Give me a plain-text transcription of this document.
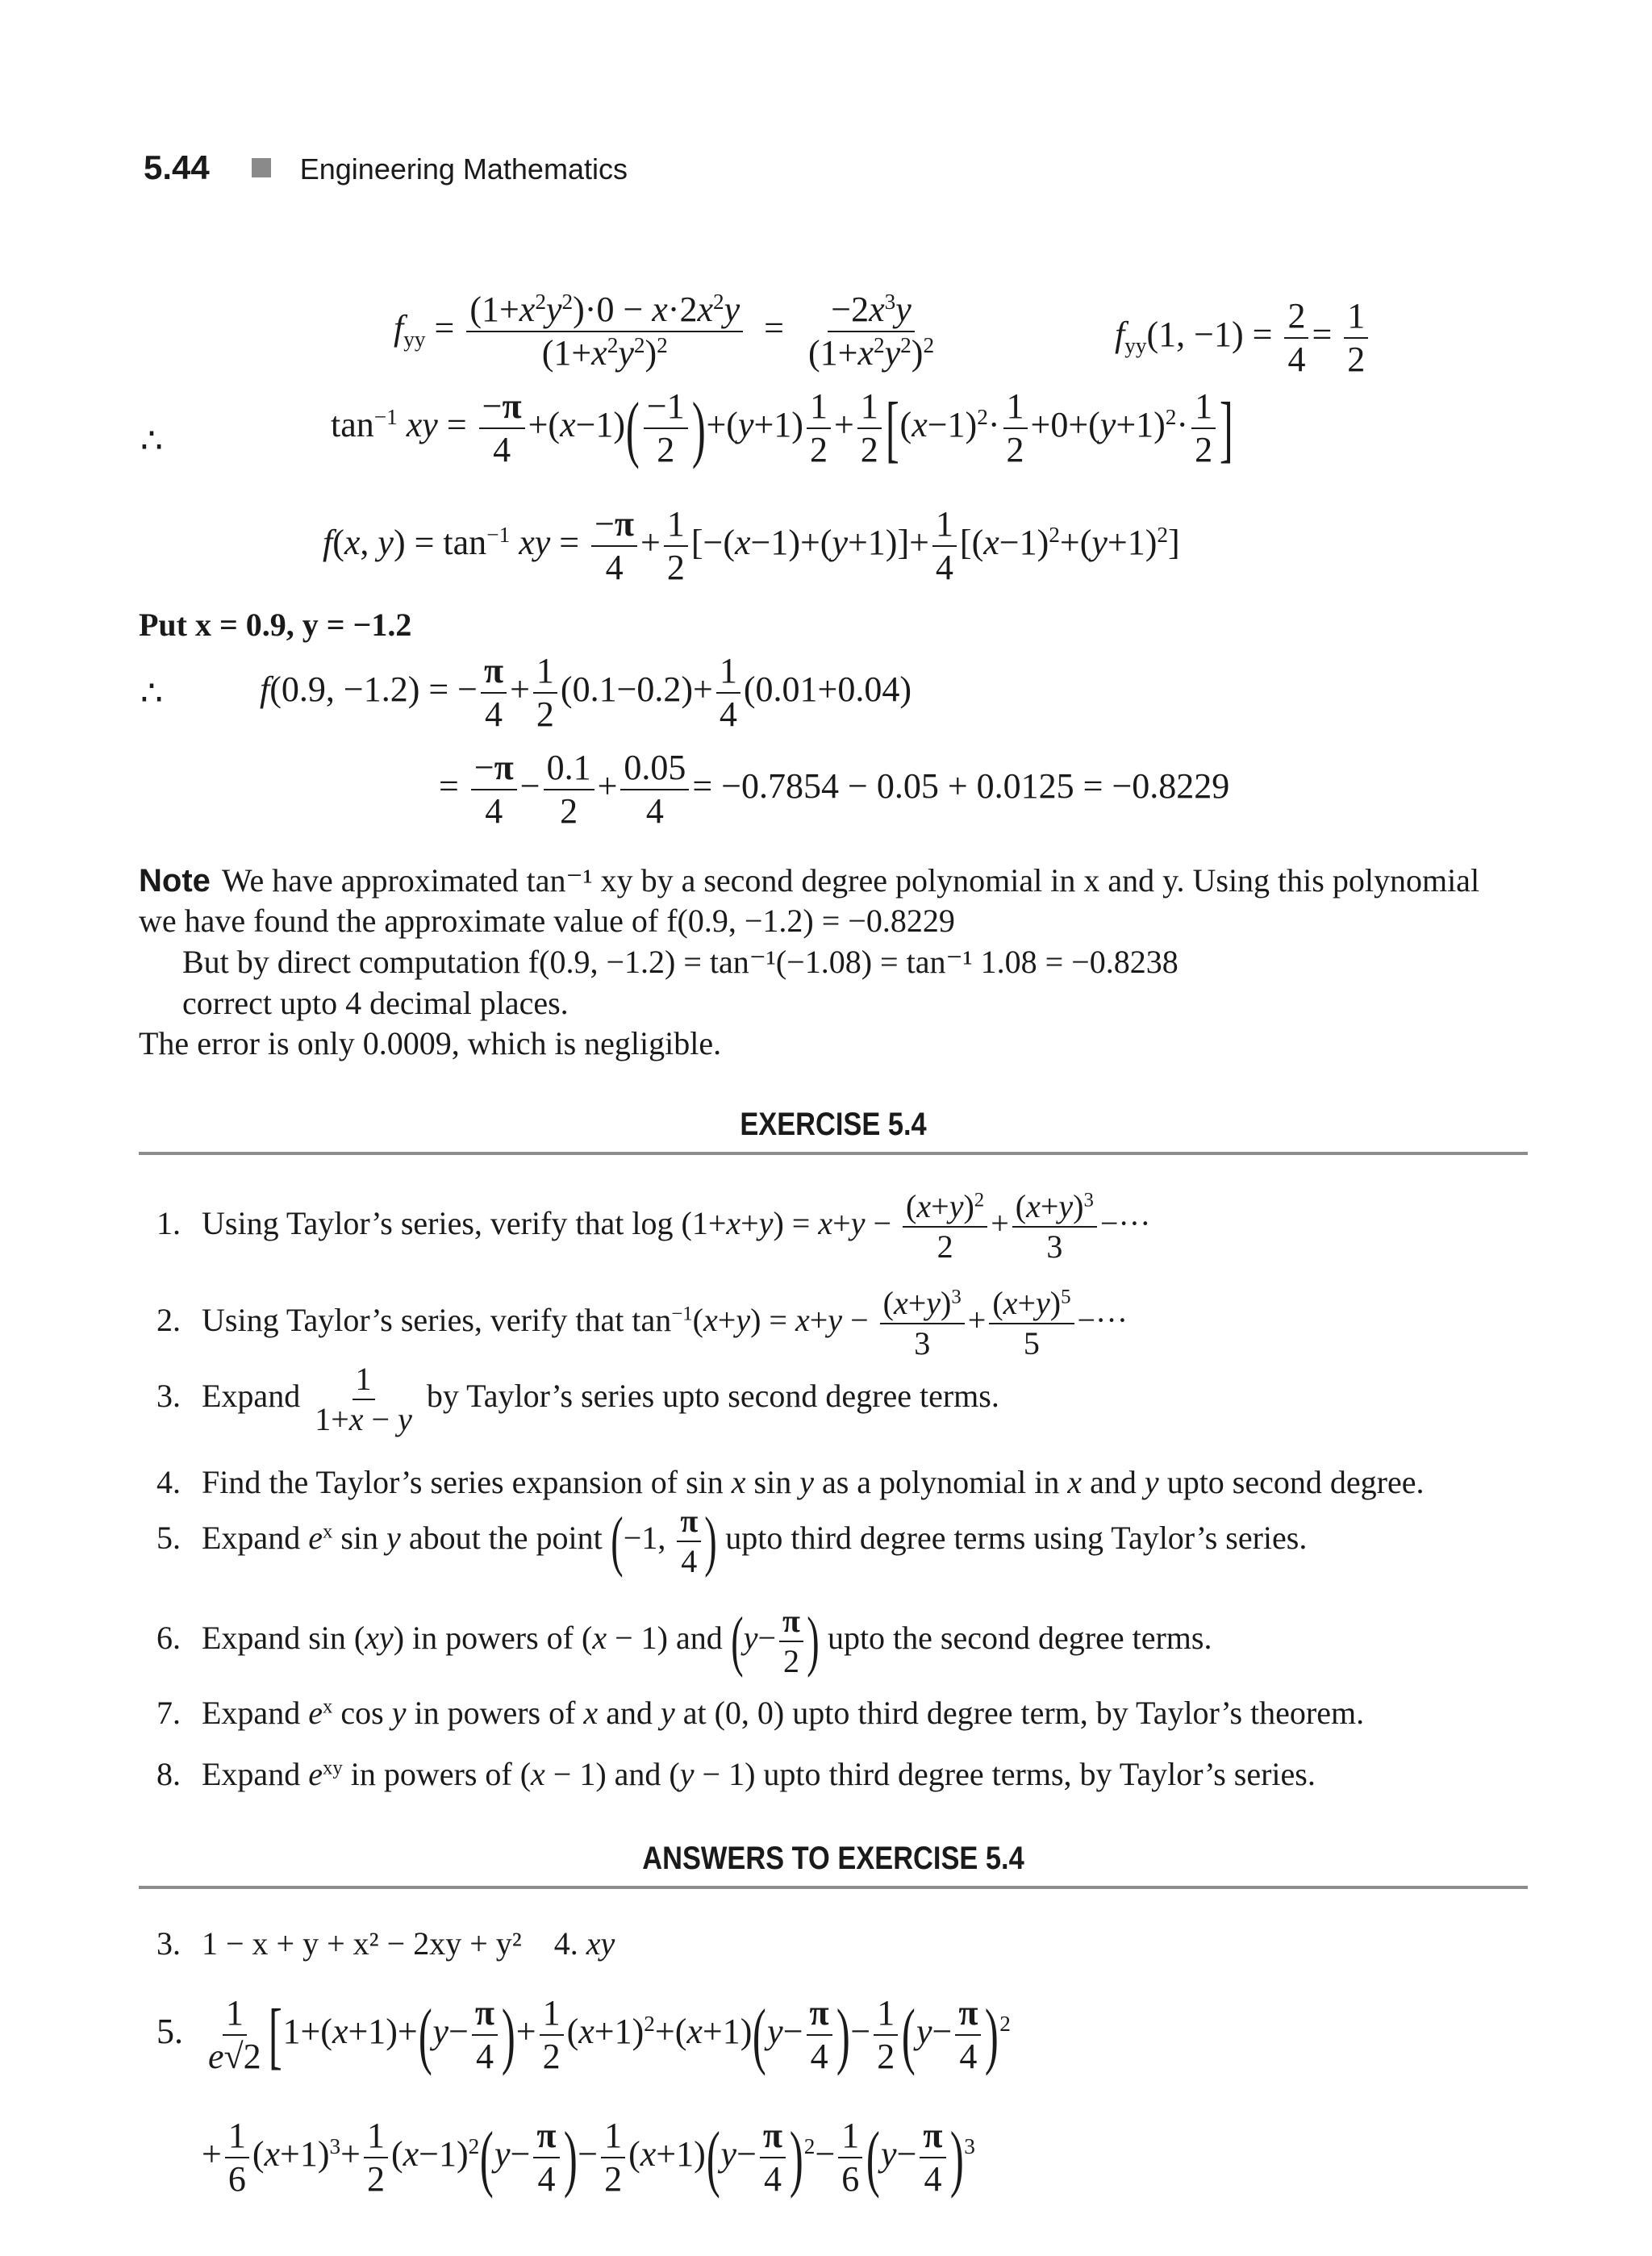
5.44	Engineering Mathematics
$f_{yy} = \frac{(1+x^2y^2)\cdot 0 - x\cdot 2x^2y}{(1+x^2y^2)^2} = \frac{-2x^3y}{(1+x^2y^2)^2}$	$f_{yy}(1$, $-1) = \frac{2}{4} = \frac{1}{2}$
∴	$\tan^{-1}$ xy = $\frac{-\pi}{4} +(x-1)( \frac{-1}{2} )+(y+1) \frac{1}{2} + \frac{1}{2} [(x-1)^2\cdot \frac{1}{2} +0+(y+1)^2\cdot \frac{1}{2}$ ]
f(x, $y) = \tan^{-1}$ xy = $\frac{-\pi}{4} + \frac{1}{2} [-(x-1)+(y+1)]+ \frac{1}{4} [(x-1)^2+(y+1)^2]$
Put x = 0.9, y = −1.2
∴	f(0.9, −1.2) = − $\frac{\pi}{4} + \frac{1}{2} (0.1-0.2)+ \frac{1}{4} (0.01+0.04)$
= $\frac{-\pi}{4} - \frac{0.1}{2} + \frac{0.05}{4} = -0.7854 - 0.05 + 0.0125 = -0.8229$
Note We have approximated tan⁻¹ xy by a second degree polynomial in x and y. Using this polynomial
we have found the approximate value of f(0.9, −1.2) = −0.8229
But by direct computation f(0.9, −1.2) = tan⁻¹(−1.08) = tan⁻¹ 1.08 = −0.8238
correct upto 4 decimal places.
The error is only 0.0009, which is negligible.
EXERCISE 5.4
1. Using Taylor’s series, verify that $\log (1+x+y) = x+y - \frac{(x+y)^2}{2} + \frac{(x+y)^3}{3}$ −···
2. Using Taylor’s series, verify that $\tan^{-1}(x+y) = x+y - \frac{(x+y)^3}{3} + \frac{(x+y)^5}{5}$ −···
3. Expand $\frac{1}{1+x - y}$ by Taylor’s series upto second degree terms.
4. Find the Taylor’s series expansion of sin x sin y as a polynomial in x and y upto second degree.
5. Expand $e^x$ sin y about the point (−1, $\frac{\pi}{4}$ ) upto third degree terms using Taylor’s series.
6. Expand sin (xy) in powers of (x − 1) and ($y- \frac{\pi}{2}$ ) upto the second degree terms.
7. Expand $e^x$ cos y in powers of x and y at (0, 0) upto third degree term, by Taylor’s theorem.
8. Expand $e^{xy}$ in powers of (x − 1) and (y − 1) upto third degree terms, by Taylor’s series.
ANSWERS TO EXERCISE 5.4
3. 1 − x + y + x² − 2xy + y² 4. xy
5. $\frac{1}{e√2} [1+(x+1)+(y- \frac{\pi}{4}$ )+ $\frac{1}{2} (x+1)^2+(x+1)(y- \frac{\pi}{4}$ )− $\frac{1}{2} (y- \frac{\pi}{4} )^2$
+ $\frac{1}{6} (x+1)^3+ \frac{1}{2} (x-1)^2(y- \frac{\pi}{4}$ )− $\frac{1}{2} (x+1)(y- \frac{\pi}{4} )^2- \frac{1}{6} (y- \frac{\pi}{4} )^3$
